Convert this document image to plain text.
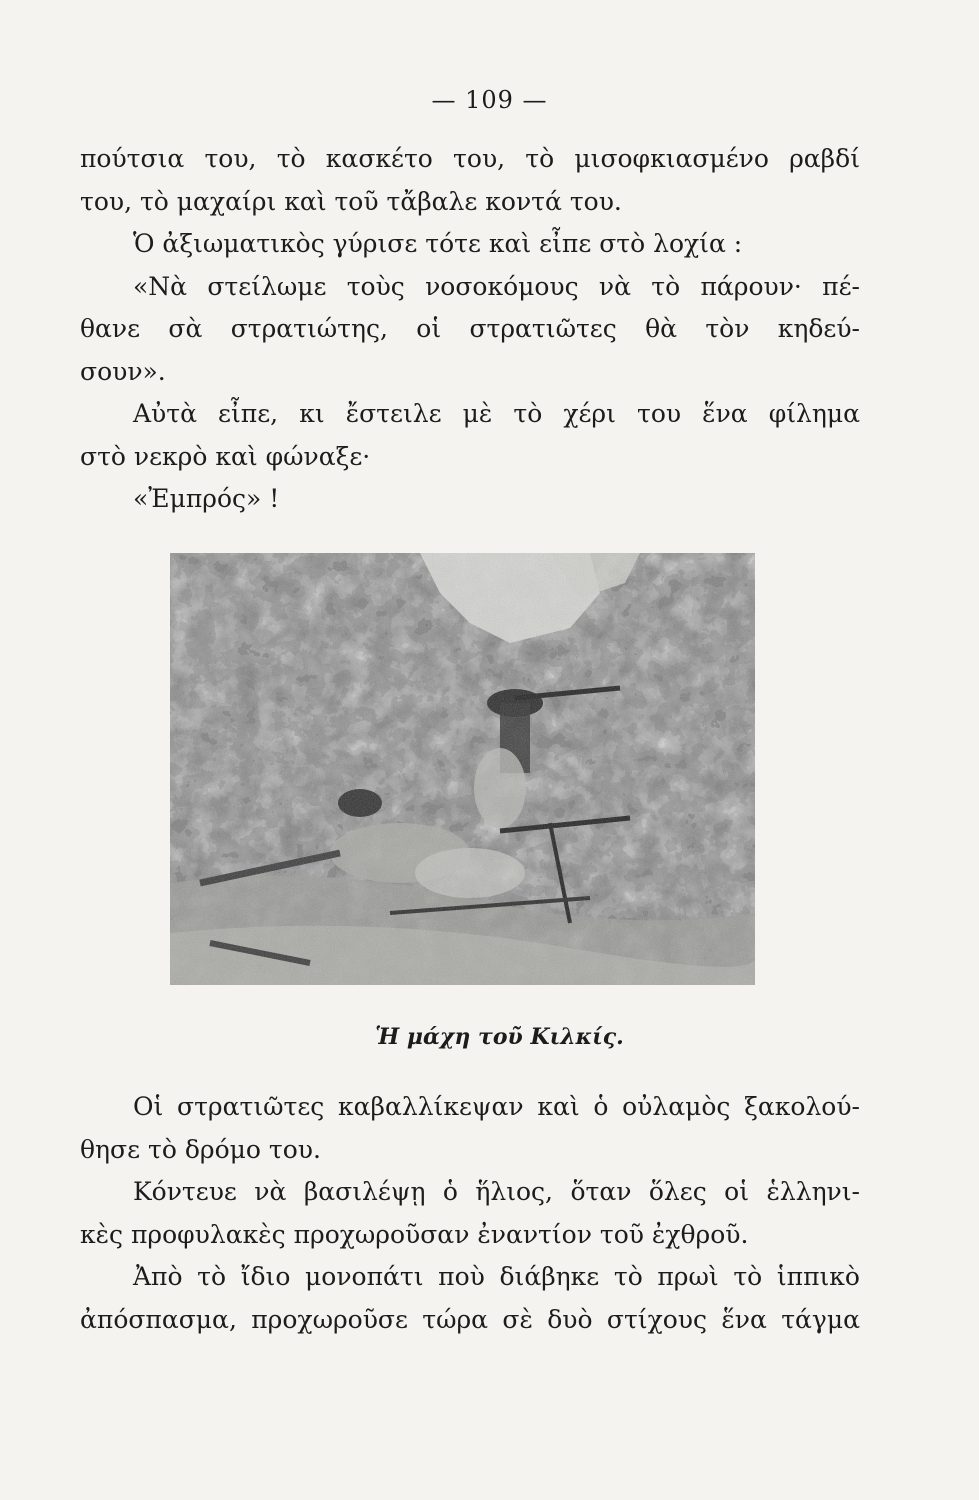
— 109 —
πούτσια του, τὸ κασκέτο του, τὸ μισοφκιασμένο ραβδί
του, τὸ μαχαίρι καὶ τοῦ τἄβαλε κοντά του.
Ὁ ἀξιωματικὸς γύρισε τότε καὶ εἶπε στὸ λοχία :
«Νὰ στείλωμε τοὺς νοσοκόμους νὰ τὸ πάρουν· πέ-
θανε σὰ στρατιώτης, οἱ στρατιῶτες θὰ τὸν κηδεύ-
σουν».
Αὐτὰ εἶπε, κι ἔστειλε μὲ τὸ χέρι του ἕνα φίλημα
στὸ νεκρὸ καὶ φώναξε·
«Ἐμπρός» !
Ἡ μάχη τοῦ Κιλκίς.
Οἱ στρατιῶτες καβαλλίκεψαν καὶ ὁ οὐλαμὸς ξακολού-
θησε τὸ δρόμο του.
Κόντευε νὰ βασιλέψῃ ὁ ἥλιος, ὅταν ὅλες οἱ ἑλληνι-
κὲς προφυλακὲς προχωροῦσαν ἐναντίον τοῦ ἐχθροῦ.
Ἀπὸ τὸ ἴδιο μονοπάτι ποὺ διάβηκε τὸ πρωὶ τὸ ἱππικὸ
ἀπόσπασμα, προχωροῦσε τώρα σὲ δυὸ στίχους ἕνα τάγμα
